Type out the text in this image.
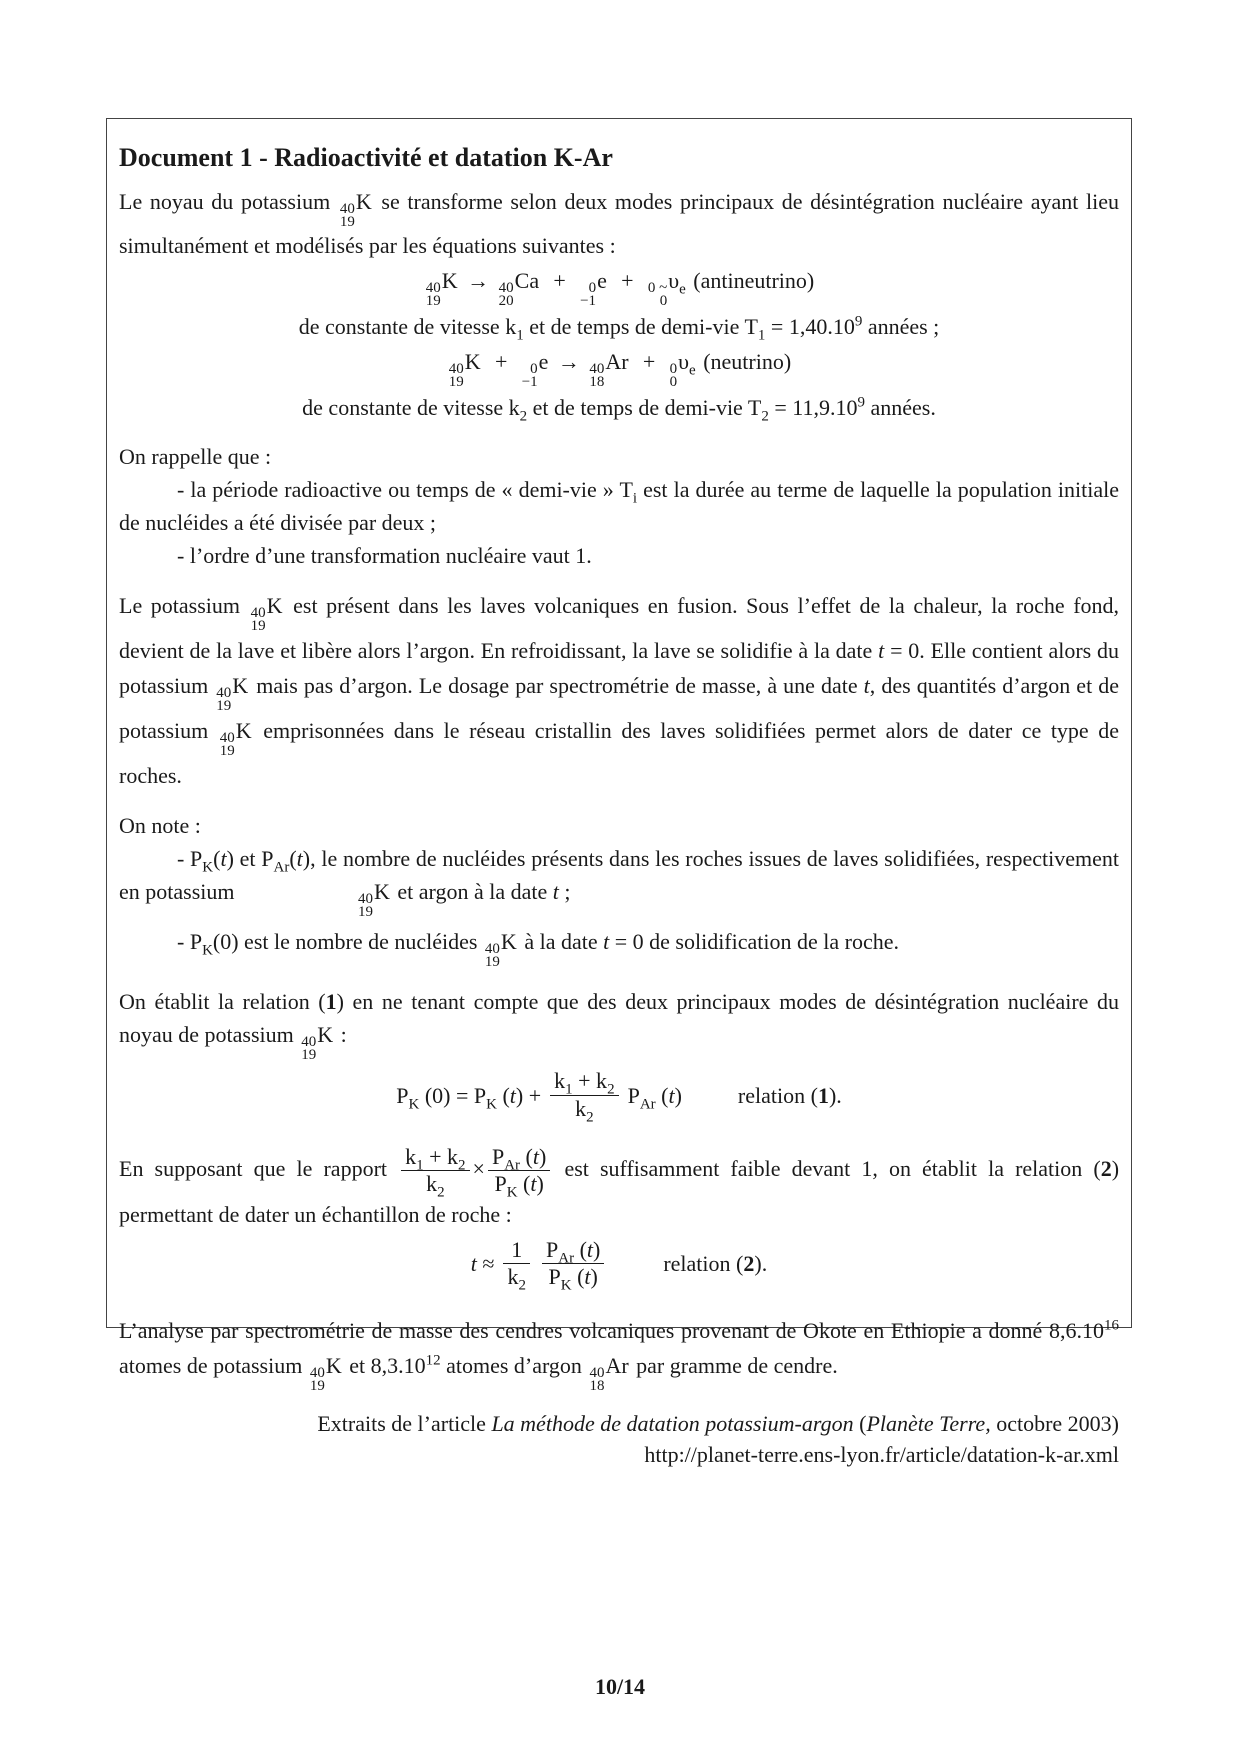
Document 1 - Radioactivité et datation K-Ar

Le noyau du potassium 40
19
K se transforme selon deux modes principaux de désintégration nucléaire ayant lieu simultanément et modélisés par les équations suivantes :

40
19
K → 40
20
Ca +	0
−1
e + 0 ~
0
$\upsilon_e$ (antineutrino)

de constante de vitesse $k_1$ et de temps de demi-vie $T_1 = 1,40.10^9$ années ;

40
19
K +	0
−1
e → 40
18
Ar + 0
0
$\upsilon_e$ (neutrino)

de constante de vitesse $k_2$ et de temps de demi-vie $T_2 = 11,9.10^9$ années.

On rappelle que :

- la période radioactive ou temps de « demi-vie » $T_i$ est la durée au terme de laquelle la population initiale de nucléides a été divisée par deux ;

- l’ordre d’une transformation nucléaire vaut 1.

Le potassium 40
19
K est présent dans les laves volcaniques en fusion. Sous l’effet de la chaleur, la roche fond, devient de la lave et libère alors l’argon. En refroidissant, la lave se solidifie à la date t = 0. Elle contient alors du potassium 40
19
K mais pas d’argon. Le dosage par spectrométrie de masse, à une date t, des quantités d’argon et de potassium 40
19
K emprisonnées dans le réseau cristallin des laves solidifiées permet alors de dater ce type de roches.

On note :

- $P_K(t)$ et $P_{Ar}(t)$, le nombre de nucléides présents dans les roches issues de laves solidifiées, respectivement en potassium	40
19
K et argon à la date t ;

- $P_K(0)$ est le nombre de nucléides 40
19
K à la date t = 0 de solidification de la roche.

On établit la relation (1) en ne tenant compte que des deux principaux modes de désintégration nucléaire du noyau de potassium 40
19
K :

$P_K$ $(0) = P_K$ $(t) + \frac{k_1 + k_2}{k_2} P_{Ar}$ (t)	relation (1).

En supposant que le rapport $\frac{k_1 + k_2}{k_2} \times \frac{P_{Ar} (t)}{P_K (t)}$ est suffisamment faible devant 1, on établit la relation (2) permettant de dater un échantillon de roche :

$t \approx \frac{1}{k_2} \frac{P_{Ar} (t)}{P_K (t)}$	relation (2).

L’analyse par spectrométrie de masse des cendres volcaniques provenant de Okote en Ethiopie a donné 8,6.10$^{16}$ atomes de potassium 40
19
K et 8,3.10$^{12}$ atomes d’argon 40
18
Ar par gramme de cendre.

Extraits de l’article La méthode de datation potassium-argon (Planète Terre, octobre 2003)
http://planet-terre.ens-lyon.fr/article/datation-k-ar.xml

10/14
